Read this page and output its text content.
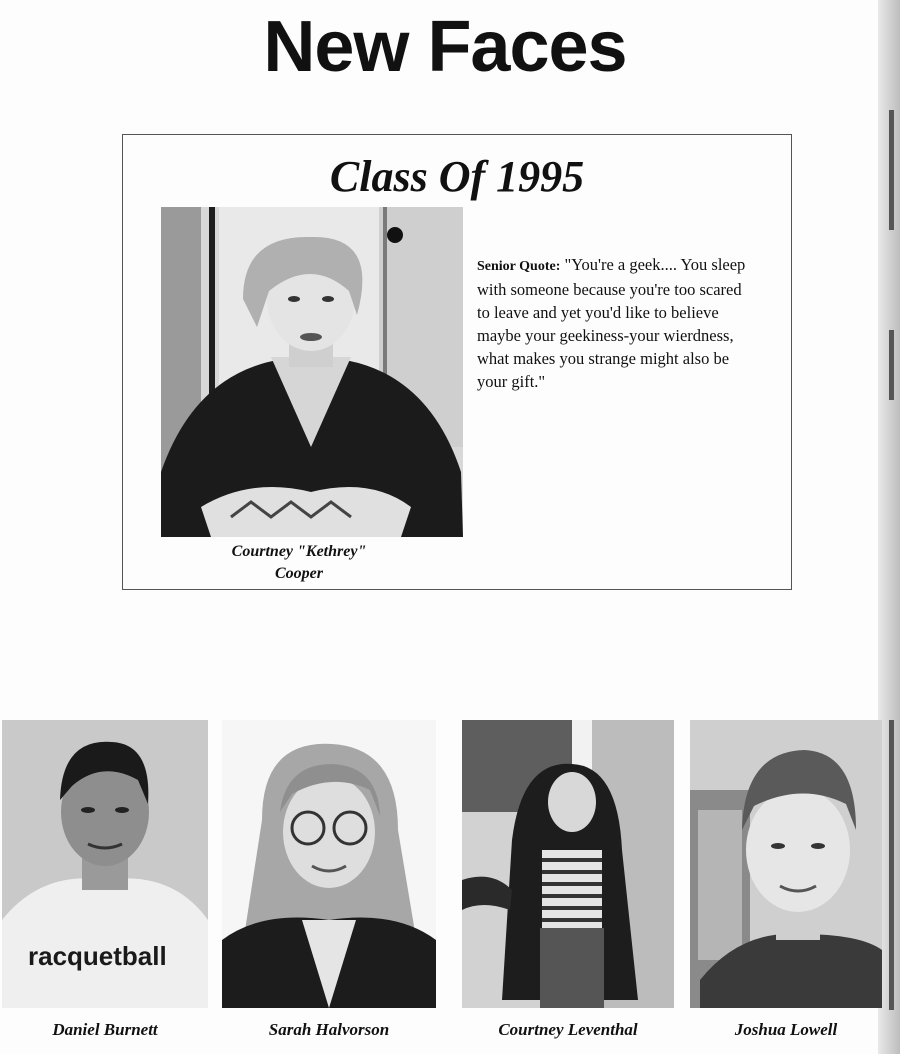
New Faces
Class Of 1995
Courtney "Kethrey"
Cooper
Senior Quote: "You're a geek.... You sleep with someone because you're too scared to leave and yet you'd like to believe maybe your geekiness-your wierdness, what makes you strange might also be your gift."
racquetball
Daniel Burnett	Sarah Halvorson	Courtney Leventhal	Joshua Lowell
